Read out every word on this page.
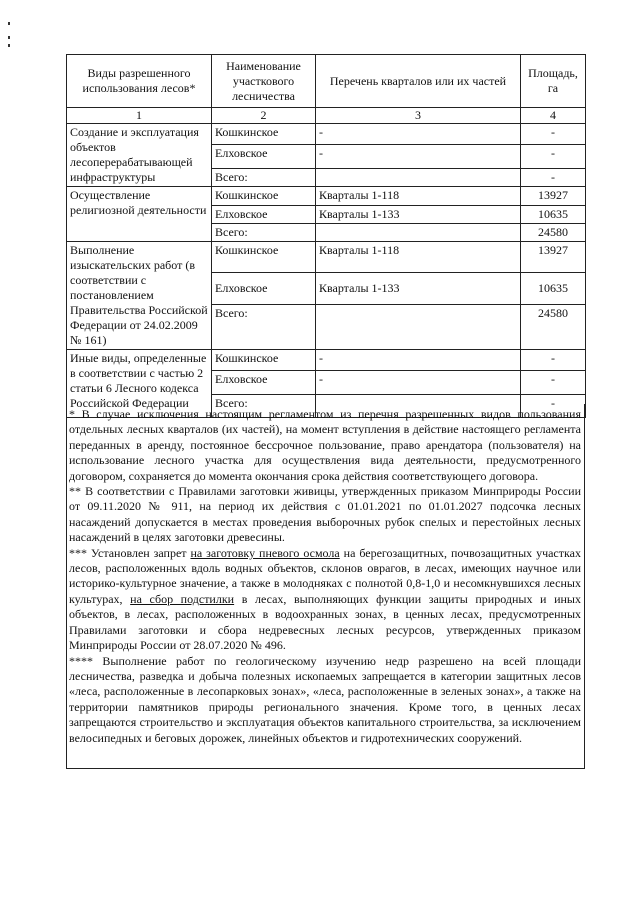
Виды разрешенного использования лесов*	Наименование участкового лесничества	Перечень кварталов или их частей	Площадь, га
1	2	3	4
Создание и эксплуатация объектов лесоперерабатывающей инфраструктуры	Кошкинское	-	-
	Елховское	-	-
	Всего:		-
Осуществление религиозной деятельности	Кошкинское	Кварталы 1-118	13927
	Елховское	Кварталы 1-133	10635
	Всего:		24580
Выполнение изыскательских работ (в соответствии с постановлением Правительства Российской Федерации от 24.02.2009 № 161)	Кошкинское	Кварталы 1-118	13927
	Елховское	Кварталы 1-133	10635
	Всего:		24580
Иные виды, определенные в соответствии с частью 2 статьи 6 Лесного кодекса Российской Федерации	Кошкинское	-	-
	Елховское	-	-
	Всего:		-

* В случае исключения настоящим регламентом из перечня разрешенных видов пользования отдельных лесных кварталов (их частей), на момент вступления в действие настоящего регламента переданных в аренду, постоянное бессрочное пользование, право арендатора (пользователя) на использование лесного участка для осуществления вида деятельности, предусмотренного договором, сохраняется до момента окончания срока действия соответствующего договора.

** В соответствии с Правилами заготовки живицы, утвержденных приказом Минприроды России от 09.11.2020 № 911, на период их действия с 01.01.2021 по 01.01.2027 подсочка лесных насаждений допускается в местах проведения выборочных рубок спелых и перестойных лесных насаждений в целях заготовки древесины.

*** Установлен запрет на заготовку пневого осмола на берегозащитных, почвозащитных участках лесов, расположенных вдоль водных объектов, склонов оврагов, в лесах, имеющих научное или историко-культурное значение, а также в молодняках с полнотой 0,8-1,0 и несомкнувшихся лесных культурах, на сбор подстилки в лесах, выполняющих функции защиты природных и иных объектов, в лесах, расположенных в водоохранных зонах, в ценных лесах, предусмотренных Правилами заготовки и сбора недревесных лесных ресурсов, утвержденных приказом Минприроды России от 28.07.2020 № 496.

**** Выполнение работ по геологическому изучению недр разрешено на всей площади лесничества, разведка и добыча полезных ископаемых запрещается в категории защитных лесов «леса, расположенные в лесопарковых зонах», «леса, расположенные в зеленых зонах», а также на территории памятников природы регионального значения. Кроме того, в ценных лесах запрещаются строительство и эксплуатация объектов капитального строительства, за исключением велосипедных и беговых дорожек, линейных объектов и гидротехнических сооружений.
